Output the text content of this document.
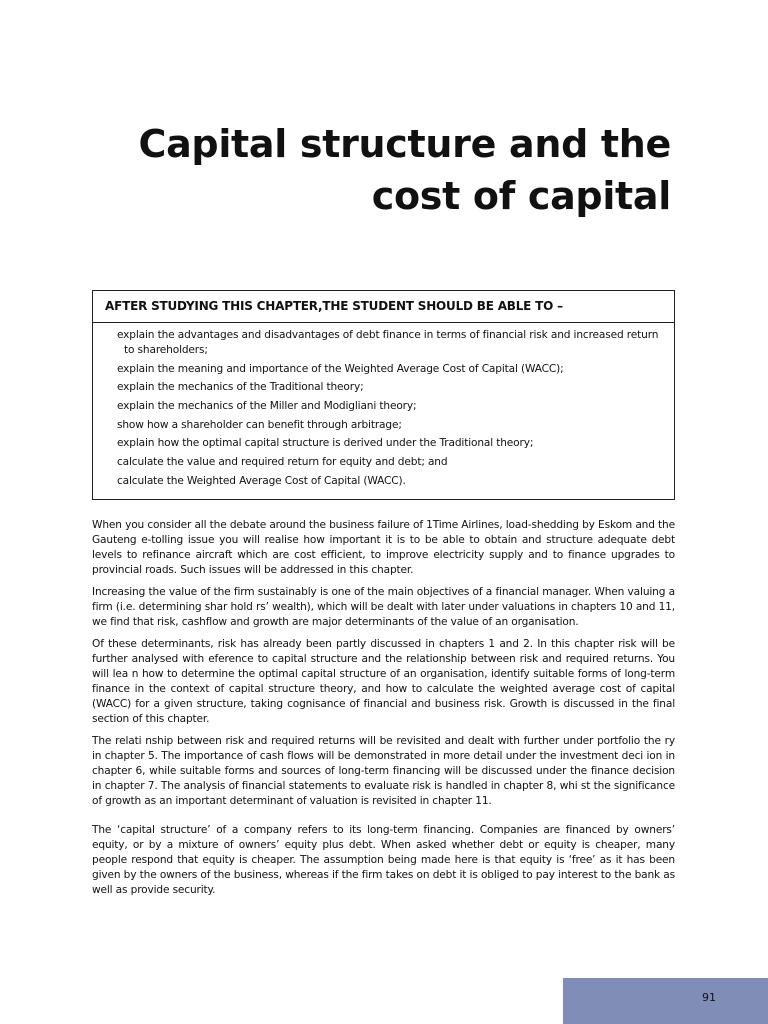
Capital structure and the
cost of capital
AFTER STUDYING THIS CHAPTER,THE STUDENT SHOULD BE ABLE TO –
explain the advantages and disadvantages of debt finance in terms of financial risk and increased return
to shareholders;
explain the meaning and importance of the Weighted Average Cost of Capital (WACC);
explain the mechanics of the Traditional theory;
explain the mechanics of the Miller and Modigliani theory;
show how a shareholder can benefit through arbitrage;
explain how the optimal capital structure is derived under the Traditional theory;
calculate the value and required return for equity and debt; and
calculate the Weighted Average Cost of Capital (WACC).

When you consider all the debate around the business failure of 1Time Airlines, load-shedding by Eskom and the Gauteng e-tolling issue you will realise how important it is to be able to obtain and structure adequate debt levels to refinance aircraft which are cost efficient, to improve electricity supply and to finance upgrades to provincial roads. Such issues will be addressed in this chapter.

Increasing the value of the firm sustainably is one of the main objectives of a financial manager. When valuing a firm (i.e. determining shar hold rs’ wealth), which will be dealt with later under valuations in chapters 10 and 11, we find that risk, cashflow and growth are major determinants of the value of an organisation.

Of these determinants, risk has already been partly discussed in chapters 1 and 2. In this chapter risk will be further analysed with eference to capital structure and the relationship between risk and required returns. You will lea n how to determine the optimal capital structure of an organisation, identify suitable forms of long-term finance in the context of capital structure theory, and how to calculate the weighted average cost of capital (WACC) for a given structure, taking cognisance of financial and business risk. Growth is discussed in the final section of this chapter.

The relati nship between risk and required returns will be revisited and dealt with further under portfolio the ry in chapter 5. The importance of cash flows will be demonstrated in more detail under the investment deci ion in chapter 6, while suitable forms and sources of long-term financing will be discussed under the finance decision in chapter 7. The analysis of financial statements to evaluate risk is handled in chapter 8, whi st the significance of growth as an important determinant of valuation is revisited in chapter 11.

The ‘capital structure’ of a company refers to its long-term financing. Companies are financed by owners’ equity, or by a mixture of owners’ equity plus debt. When asked whether debt or equity is cheaper, many people respond that equity is cheaper. The assumption being made here is that equity is ‘free’ as it has been given by the owners of the business, whereas if the firm takes on debt it is obliged to pay interest to the bank as well as provide security.

91
